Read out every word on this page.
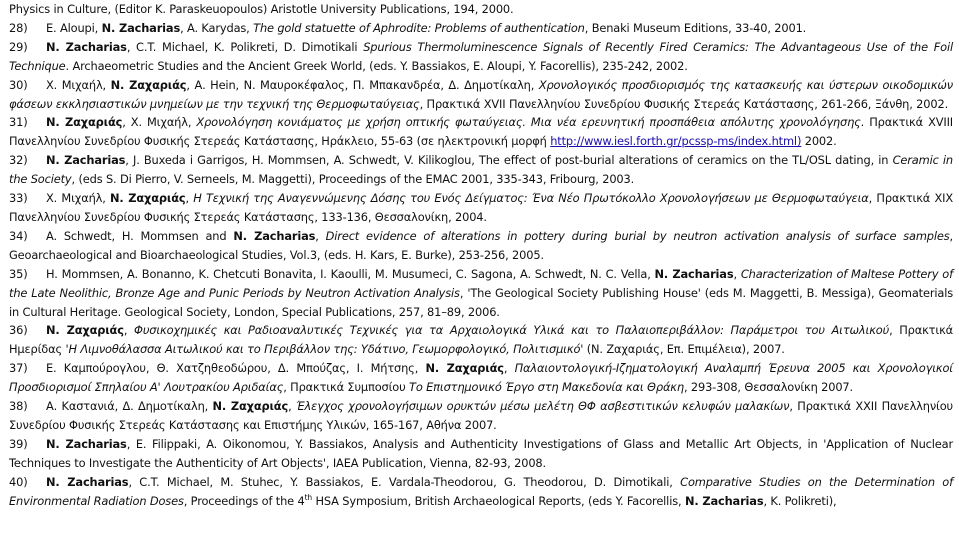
Physics in Culture, (Editor K. Paraskeuopoulos) Aristotle University Publications, 194, 2000.

28) E. Aloupi, N. Zacharias, A. Karydas, The gold statuette of Aphrodite: Problems of authentication, Benaki Museum Editions, 33-40, 2001.

29) N. Zacharias, C.T. Michael, K. Polikreti, D. Dimotikali Spurious Thermoluminescence Signals of Recently Fired Ceramics: The Advantageous Use of the Foil Technique. Archaeometric Studies and the Ancient Greek World, (eds. Y. Bassiakos, E. Aloupi, Y. Facorellis), 235-242, 2002.

30) Χ. Μιχαήλ, Ν. Ζαχαριάς, Α. Hein, Ν. Μαυροκέφαλος, Π. Μπακανδρέα, Δ. Δημοτίκαλη, Χρονολογικός προσδιορισμός της κατασκευής και ύστερων οικοδομικών φάσεων εκκλησιαστικών μνημείων με την τεχνική της Θερμοφωταύγειας, Πρακτικά XVII Πανελληνίου Συνεδρίου Φυσικής Στερεάς Κατάστασης, 261-266, Ξάνθη, 2002.

31) Ν. Ζαχαριάς, Χ. Μιχαήλ, Χρονολόγηση κονιάματος με χρήση οπτικής φωταύγειας. Μια νέα ερευνητική προσπάθεια απόλυτης χρονολόγησης. Πρακτικά XVIII Πανελληνίου Συνεδρίου Φυσικής Στερεάς Κατάστασης, Ηράκλειο, 55-63 (σε ηλεκτρονική μορφή http://www.iesl.forth.gr/pcssp-ms/index.html) 2002.

32) N. Zacharias, J. Buxeda i Garrigos, H. Mommsen, A. Schwedt, V. Kilikoglou, The effect of post-burial alterations of ceramics on the TL/OSL dating, in Ceramic in the Society, (eds S. Di Pierro, V. Serneels, M. Maggetti), Proceedings of the EMAC 2001, 335-343, Fribourg, 2003.

33) Χ. Μιχαήλ, Ν. Ζαχαριάς, Η Τεχνική της Αναγεννώμενης Δόσης του Ενός Δείγματος: Ένα Νέο Πρωτόκολλο Χρονολογήσεων με Θερμοφωταύγεια, Πρακτικά XIX Πανελληνίου Συνεδρίου Φυσικής Στερεάς Κατάστασης, 133-136, Θεσσαλονίκη, 2004.

34) A. Schwedt, H. Mommsen and N. Zacharias, Direct evidence of alterations in pottery during burial by neutron activation analysis of surface samples, Geoarchaeological and Bioarchaeological Studies, Vol.3, (eds. H. Kars, E. Burke), 253-256, 2005.

35) H. Mommsen, A. Bonanno, K. Chetcuti Bonavita, I. Kaoulli, M. Musumeci, C. Sagona, A. Schwedt, N. C. Vella, N. Zacharias, Characterization of Maltese Pottery of the Late Neolithic, Bronze Age and Punic Periods by Neutron Activation Analysis, 'The Geological Society Publishing House' (eds M. Maggetti, B. Messiga), Geomaterials in Cultural Heritage. Geological Society, London, Special Publications, 257, 81–89, 2006.

36) Ν. Ζαχαριάς, Φυσικοχημικές και Ραδιοαναλυτικές Τεχνικές για τα Αρχαιολογικά Υλικά και το Παλαιοπεριβάλλον: Παράμετροι του Αιτωλικού, Πρακτικά Ημερίδας 'Η Λιμνοθάλασσα Αιτωλικού και το Περιβάλλον της: Υδάτινο, Γεωμορφολογικό, Πολιτισμικό' (Ν. Ζαχαριάς, Επ. Επιμέλεια), 2007.

37) Ε. Καμπούρογλου, Θ. Χατζηθεοδώρου, Δ. Μπούζας, Ι. Μήτσης, Ν. Ζαχαριάς, Παλαιοντολογική-Ιζηματολογική Αναλαμπή Έρευνα 2005 και Χρονολογικοί Προσδιορισμοί Σπηλαίου Α' Λουτρακίου Αριδαίας, Πρακτικά Συμποσίου Το Επιστημονικό Έργο στη Μακεδονία και Θράκη, 293-308, Θεσσαλονίκη 2007.

38) Α. Καστανιά, Δ. Δημοτίκαλη, Ν. Ζαχαριάς, Έλεγχος χρονολογήσιμων ορυκτών μέσω μελέτη ΘΦ ασβεστιτικών κελυφών μαλακίων, Πρακτικά XXII Πανελληνίου Συνεδρίου Φυσικής Στερεάς Κατάστασης και Επιστήμης Υλικών, 165-167, Αθήνα 2007.

39) N. Zacharias, E. Filippaki, A. Oikonomou, Y. Bassiakos, Analysis and Authenticity Investigations of Glass and Metallic Art Objects, in 'Application of Nuclear Techniques to Investigate the Authenticity of Art Objects', IAEA Publication, Vienna, 82-93, 2008.

40) N. Zacharias, C.T. Michael, M. Stuhec, Y. Bassiakos, E. Vardala-Theodorou, G. Theodorou, D. Dimotikali, Comparative Studies on the Determination of Environmental Radiation Doses, Proceedings of the 4th HSA Symposium, British Archaeological Reports, (eds Y. Facorellis, N. Zacharias, K. Polikreti),
